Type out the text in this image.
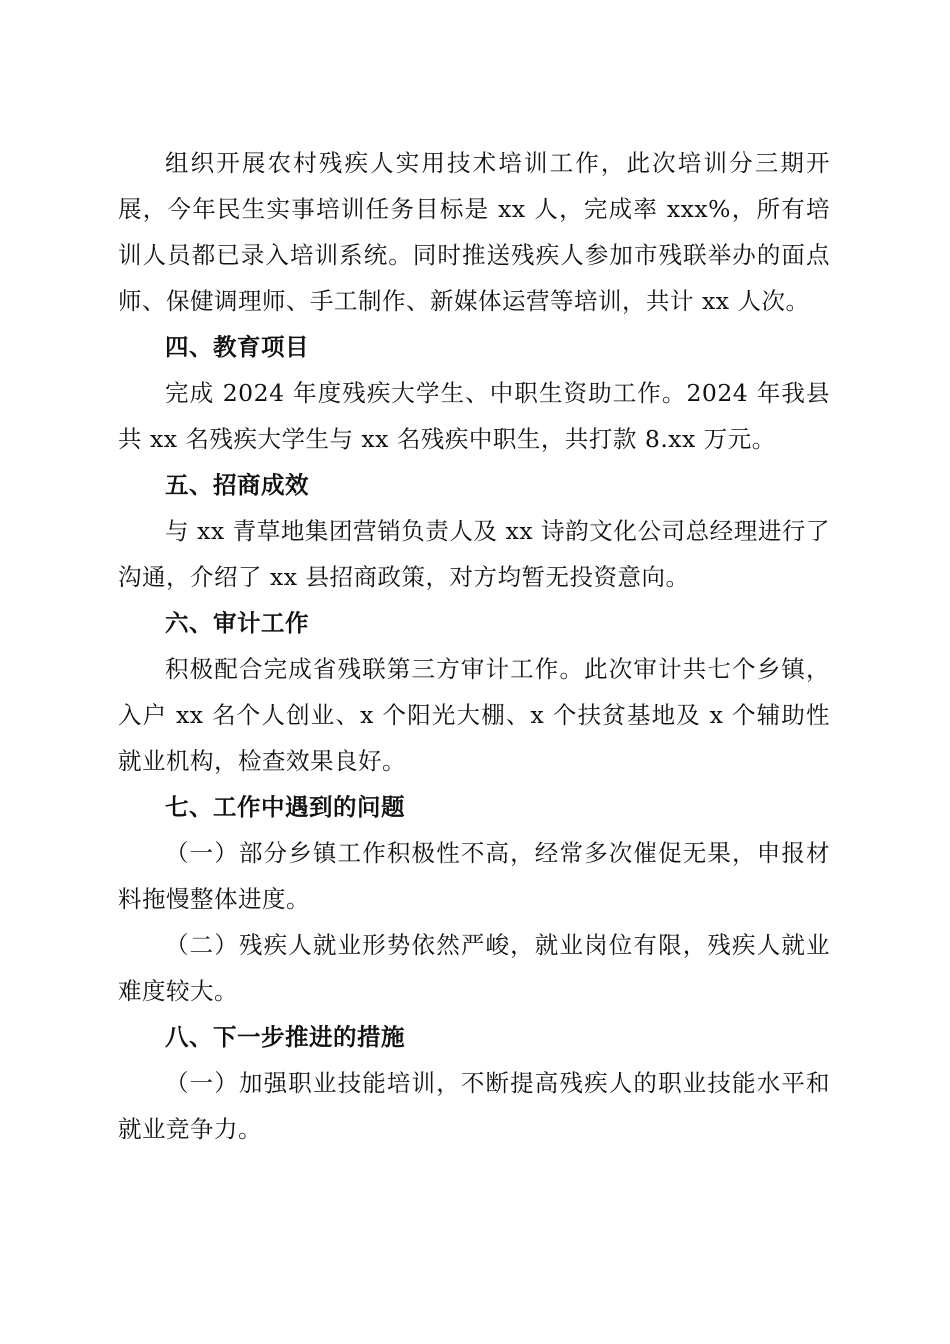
组织开展农村残疾人实用技术培训工作，此次培训分三期开展，今年民生实事培训任务目标是 xx 人，完成率 xxx%，所有培训人员都已录入培训系统。同时推送残疾人参加市残联举办的面点师、保健调理师、手工制作、新媒体运营等培训，共计 xx 人次。

四、教育项目

完成 2024 年度残疾大学生、中职生资助工作。2024 年我县共 xx 名残疾大学生与 xx 名残疾中职生，共打款 8.xx 万元。

五、招商成效

与 xx 青草地集团营销负责人及 xx 诗韵文化公司总经理进行了沟通，介绍了 xx 县招商政策，对方均暂无投资意向。

六、审计工作

积极配合完成省残联第三方审计工作。此次审计共七个乡镇，入户 xx 名个人创业、x 个阳光大棚、x 个扶贫基地及 x 个辅助性就业机构，检查效果良好。

七、工作中遇到的问题

（一）部分乡镇工作积极性不高，经常多次催促无果，申报材料拖慢整体进度。

（二）残疾人就业形势依然严峻，就业岗位有限，残疾人就业难度较大。

八、下一步推进的措施

（一）加强职业技能培训，不断提高残疾人的职业技能水平和就业竞争力。
